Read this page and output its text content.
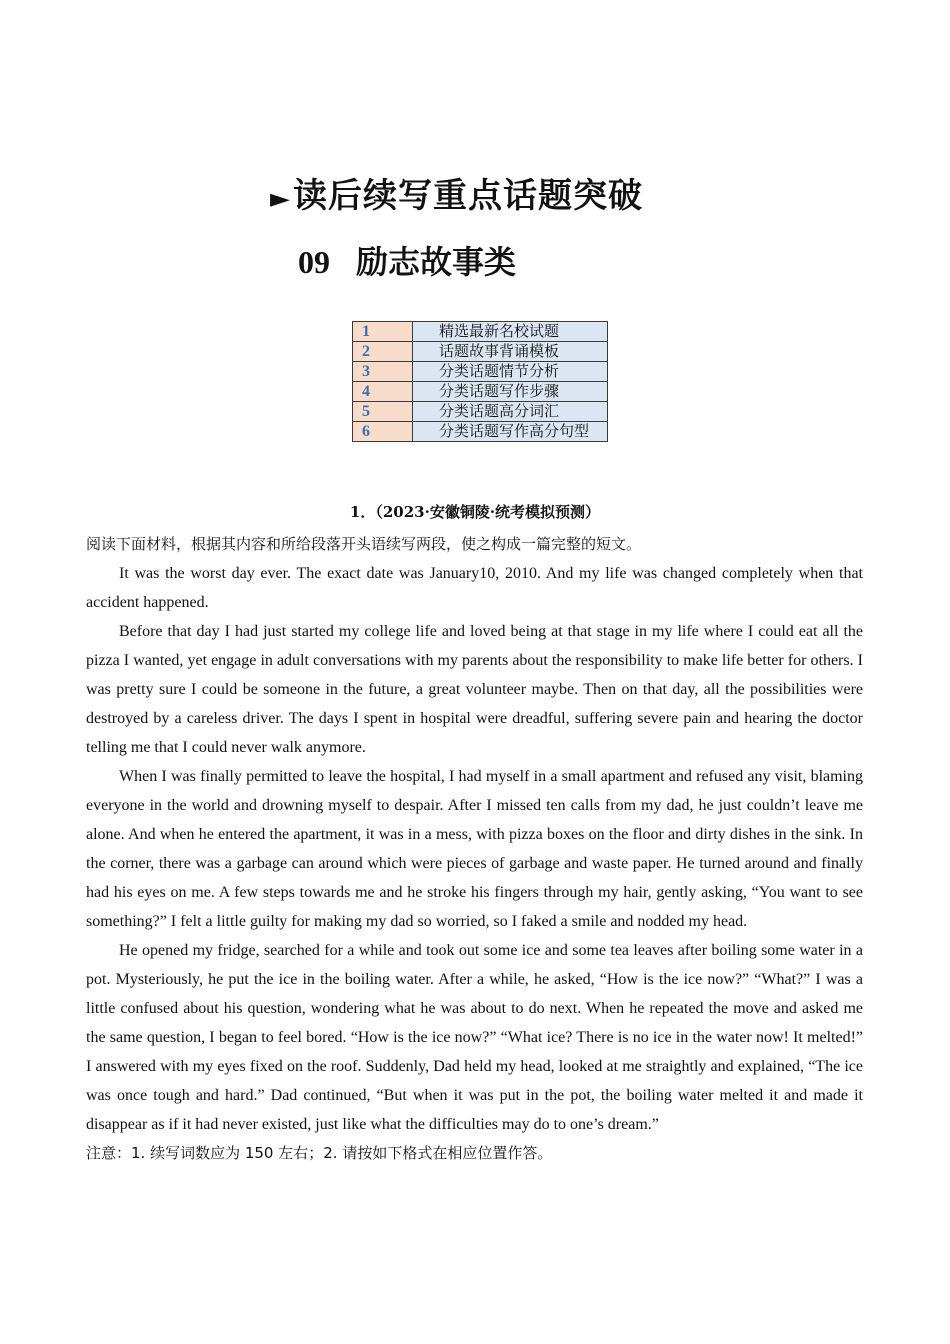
►读后续写重点话题突破
09 励志故事类
1	精选最新名校试题
2	话题故事背诵模板
3	分类话题情节分析
4	分类话题写作步骤
5	分类话题高分词汇
6	分类话题写作高分句型
1．（2023·安徽铜陵·统考模拟预测）

阅读下面材料，根据其内容和所给段落开头语续写两段，使之构成一篇完整的短文。

It was the worst day ever. The exact date was January10, 2010. And my life was changed completely when that accident happened.

Before that day I had just started my college life and loved being at that stage in my life where I could eat all the pizza I wanted, yet engage in adult conversations with my parents about the responsibility to make life better for others. I was pretty sure I could be someone in the future, a great volunteer maybe. Then on that day, all the possibilities were destroyed by a careless driver. The days I spent in hospital were dreadful, suffering severe pain and hearing the doctor telling me that I could never walk anymore.

When I was finally permitted to leave the hospital, I had myself in a small apartment and refused any visit, blaming everyone in the world and drowning myself to despair. After I missed ten calls from my dad, he just couldn’t leave me alone. And when he entered the apartment, it was in a mess, with pizza boxes on the floor and dirty dishes in the sink. In the corner, there was a garbage can around which were pieces of garbage and waste paper. He turned around and finally had his eyes on me. A few steps towards me and he stroke his fingers through my hair, gently asking, “You want to see something?” I felt a little guilty for making my dad so worried, so I faked a smile and nodded my head.

He opened my fridge, searched for a while and took out some ice and some tea leaves after boiling some water in a pot. Mysteriously, he put the ice in the boiling water. After a while, he asked, “How is the ice now?” “What?” I was a little confused about his question, wondering what he was about to do next. When he repeated the move and asked me the same question, I began to feel bored. “How is the ice now?” “What ice? There is no ice in the water now! It melted!” I answered with my eyes fixed on the roof. Suddenly, Dad held my head, looked at me straightly and explained, “The ice was once tough and hard.” Dad continued, “But when it was put in the pot, the boiling water melted it and made it disappear as if it had never existed, just like what the difficulties may do to one’s dream.”

注意：1. 续写词数应为 150 左右；2. 请按如下格式在相应位置作答。
